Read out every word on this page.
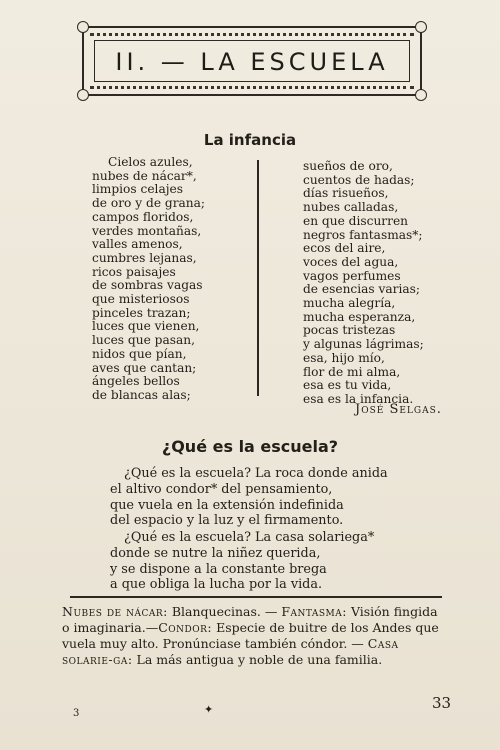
II. — LA ESCUELA
La infancia
Cielos azules,
nubes de nácar*,
limpios celajes
de oro y de grana;
campos floridos,
verdes montañas,
valles amenos,
cumbres lejanas,
ricos paisajes
de sombras vagas
que misteriosos
pinceles trazan;
luces que vienen,
luces que pasan,
nidos que pían,
aves que cantan;
ángeles bellos
de blancas alas;
sueños de oro,
cuentos de hadas;
días risueños,
nubes calladas,
en que discurren
negros fantasmas*;
ecos del aire,
voces del agua,
vagos perfumes
de esencias varias;
mucha alegría,
mucha esperanza,
pocas tristezas
y algunas lágrimas;
esa, hijo mío,
flor de mi alma,
esa es tu vida,
esa es la infancia.
José Selgas.
¿Qué es la escuela?
¿Qué es la escuela? La roca donde anida
el altivo condor* del pensamiento,
que vuela en la extensión indefinida
del espacio y la luz y el firmamento.
¿Qué es la escuela? La casa solariega*
donde se nutre la niñez querida,
y se dispone a la constante brega
a que obliga la lucha por la vida.
Nubes de nácar: Blanquecinas. — Fantasma: Visión fingida o imaginaria.—Condor: Especie de buitre de los Andes que vuela muy alto. Pronúnciase también cóndor. — Casa solarie-ga: La más antigua y noble de una familia.
33
3	✦
